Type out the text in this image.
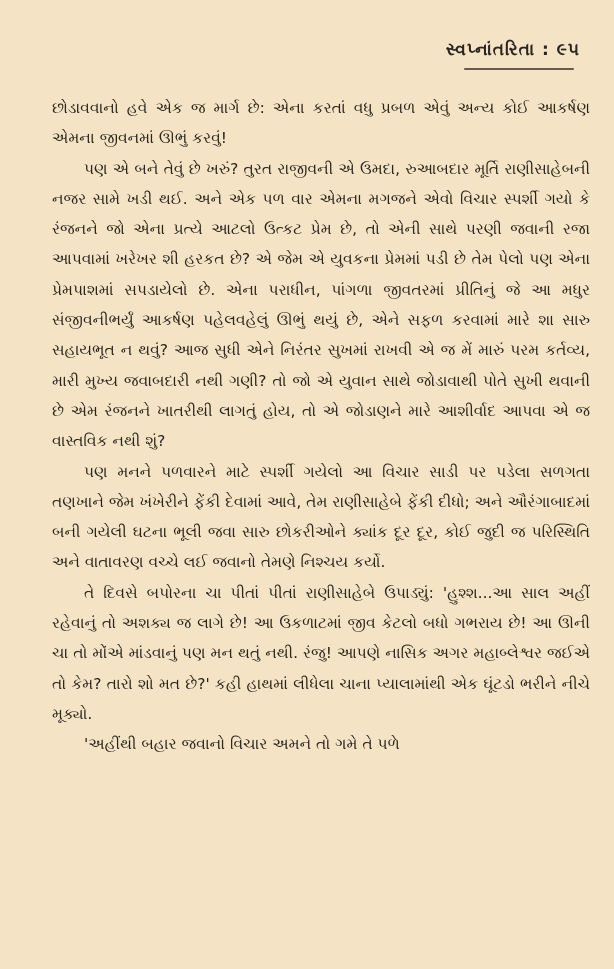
સ્વપ્નાંતરિતા : ૯૫

છોડાવવાનો હવે એક જ માર્ગ છે: એના કરતાં વધુ પ્રબળ એવું અન્ય કોઈ આકર્ષણ એમના જીવનમાં ઊભું કરવું!

પણ એ બને તેવું છે ખરું? તુરત રાજીવની એ ઉમદા, રુઆબદાર મૂર્તિ રાણીસાહેબની નજર સામે ખડી થઈ. અને એક પળ વાર એમના મગજને એવો વિચાર સ્પર્શી ગયો કે રંજનને જો એના પ્રત્યે આટલો ઉત્કટ પ્રેમ છે, તો એની સાથે પરણી જવાની રજા આપવામાં ખરેખર શી હરકત છે? એ જેમ એ યુવકના પ્રેમમાં પડી છે તેમ પેલો પણ એના પ્રેમપાશમાં સપડાયેલો છે. એના પરાધીન, પાંગળા જીવતરમાં પ્રીતિનું જે આ મધુર સંજીવનીભર્યું આકર્ષણ પહેલવહેલું ઊભું થયું છે, એને સફળ કરવામાં મારે શા સારુ સહાયભૂત ન થવું? આજ સુધી એને નિરંતર સુખમાં રાખવી એ જ મેં મારું પરમ કર્તવ્ય, મારી મુખ્ય જવાબદારી નથી ગણી? તો જો એ યુવાન સાથે જોડાવાથી પોતે સુખી થવાની છે એમ રંજનને ખાતરીથી લાગતું હોય, તો એ જોડાણને મારે આશીર્વાદ આપવા એ જ વાસ્તવિક નથી શું?

પણ મનને પળવારને માટે સ્પર્શી ગયેલો આ વિચાર સાડી પર પડેલા સળગતા તણખાને જેમ ખંખેરીને ફેંકી દેવામાં આવે, તેમ રાણીસાહેબે ફેંકી દીધો; અને ઔરંગાબાદમાં બની ગયેલી ઘટના ભૂલી જવા સારુ છોકરીઓને ક્યાંક દૂર દૂર, કોઈ જુદી જ પરિસ્થિતિ અને વાતાવરણ વચ્ચે લઈ જવાનો તેમણે નિશ્ચય કર્યો.

તે દિવસે બપોરના ચા પીતાં પીતાં રાણીસાહેબે ઉપાડ્યું: 'હુશ્શ...આ સાલ અહીં રહેવાનું તો અશક્ય જ લાગે છે! આ ઉકળાટમાં જીવ કેટલો બધો ગભરાય છે! આ ઊની ચા તો મોંએ માંડવાનું પણ મન થતું નથી. રંજુ! આપણે નાસિક અગર મહાબ્લેશ્વર જઈએ તો કેમ? તારો શો મત છે?' કહી હાથમાં લીધેલા ચાના પ્યાલામાંથી એક ઘૂંટડો ભરીને નીચે મૂક્યો.

'અહીંથી બહાર જવાનો વિચાર અમને તો ગમે તે પળે
